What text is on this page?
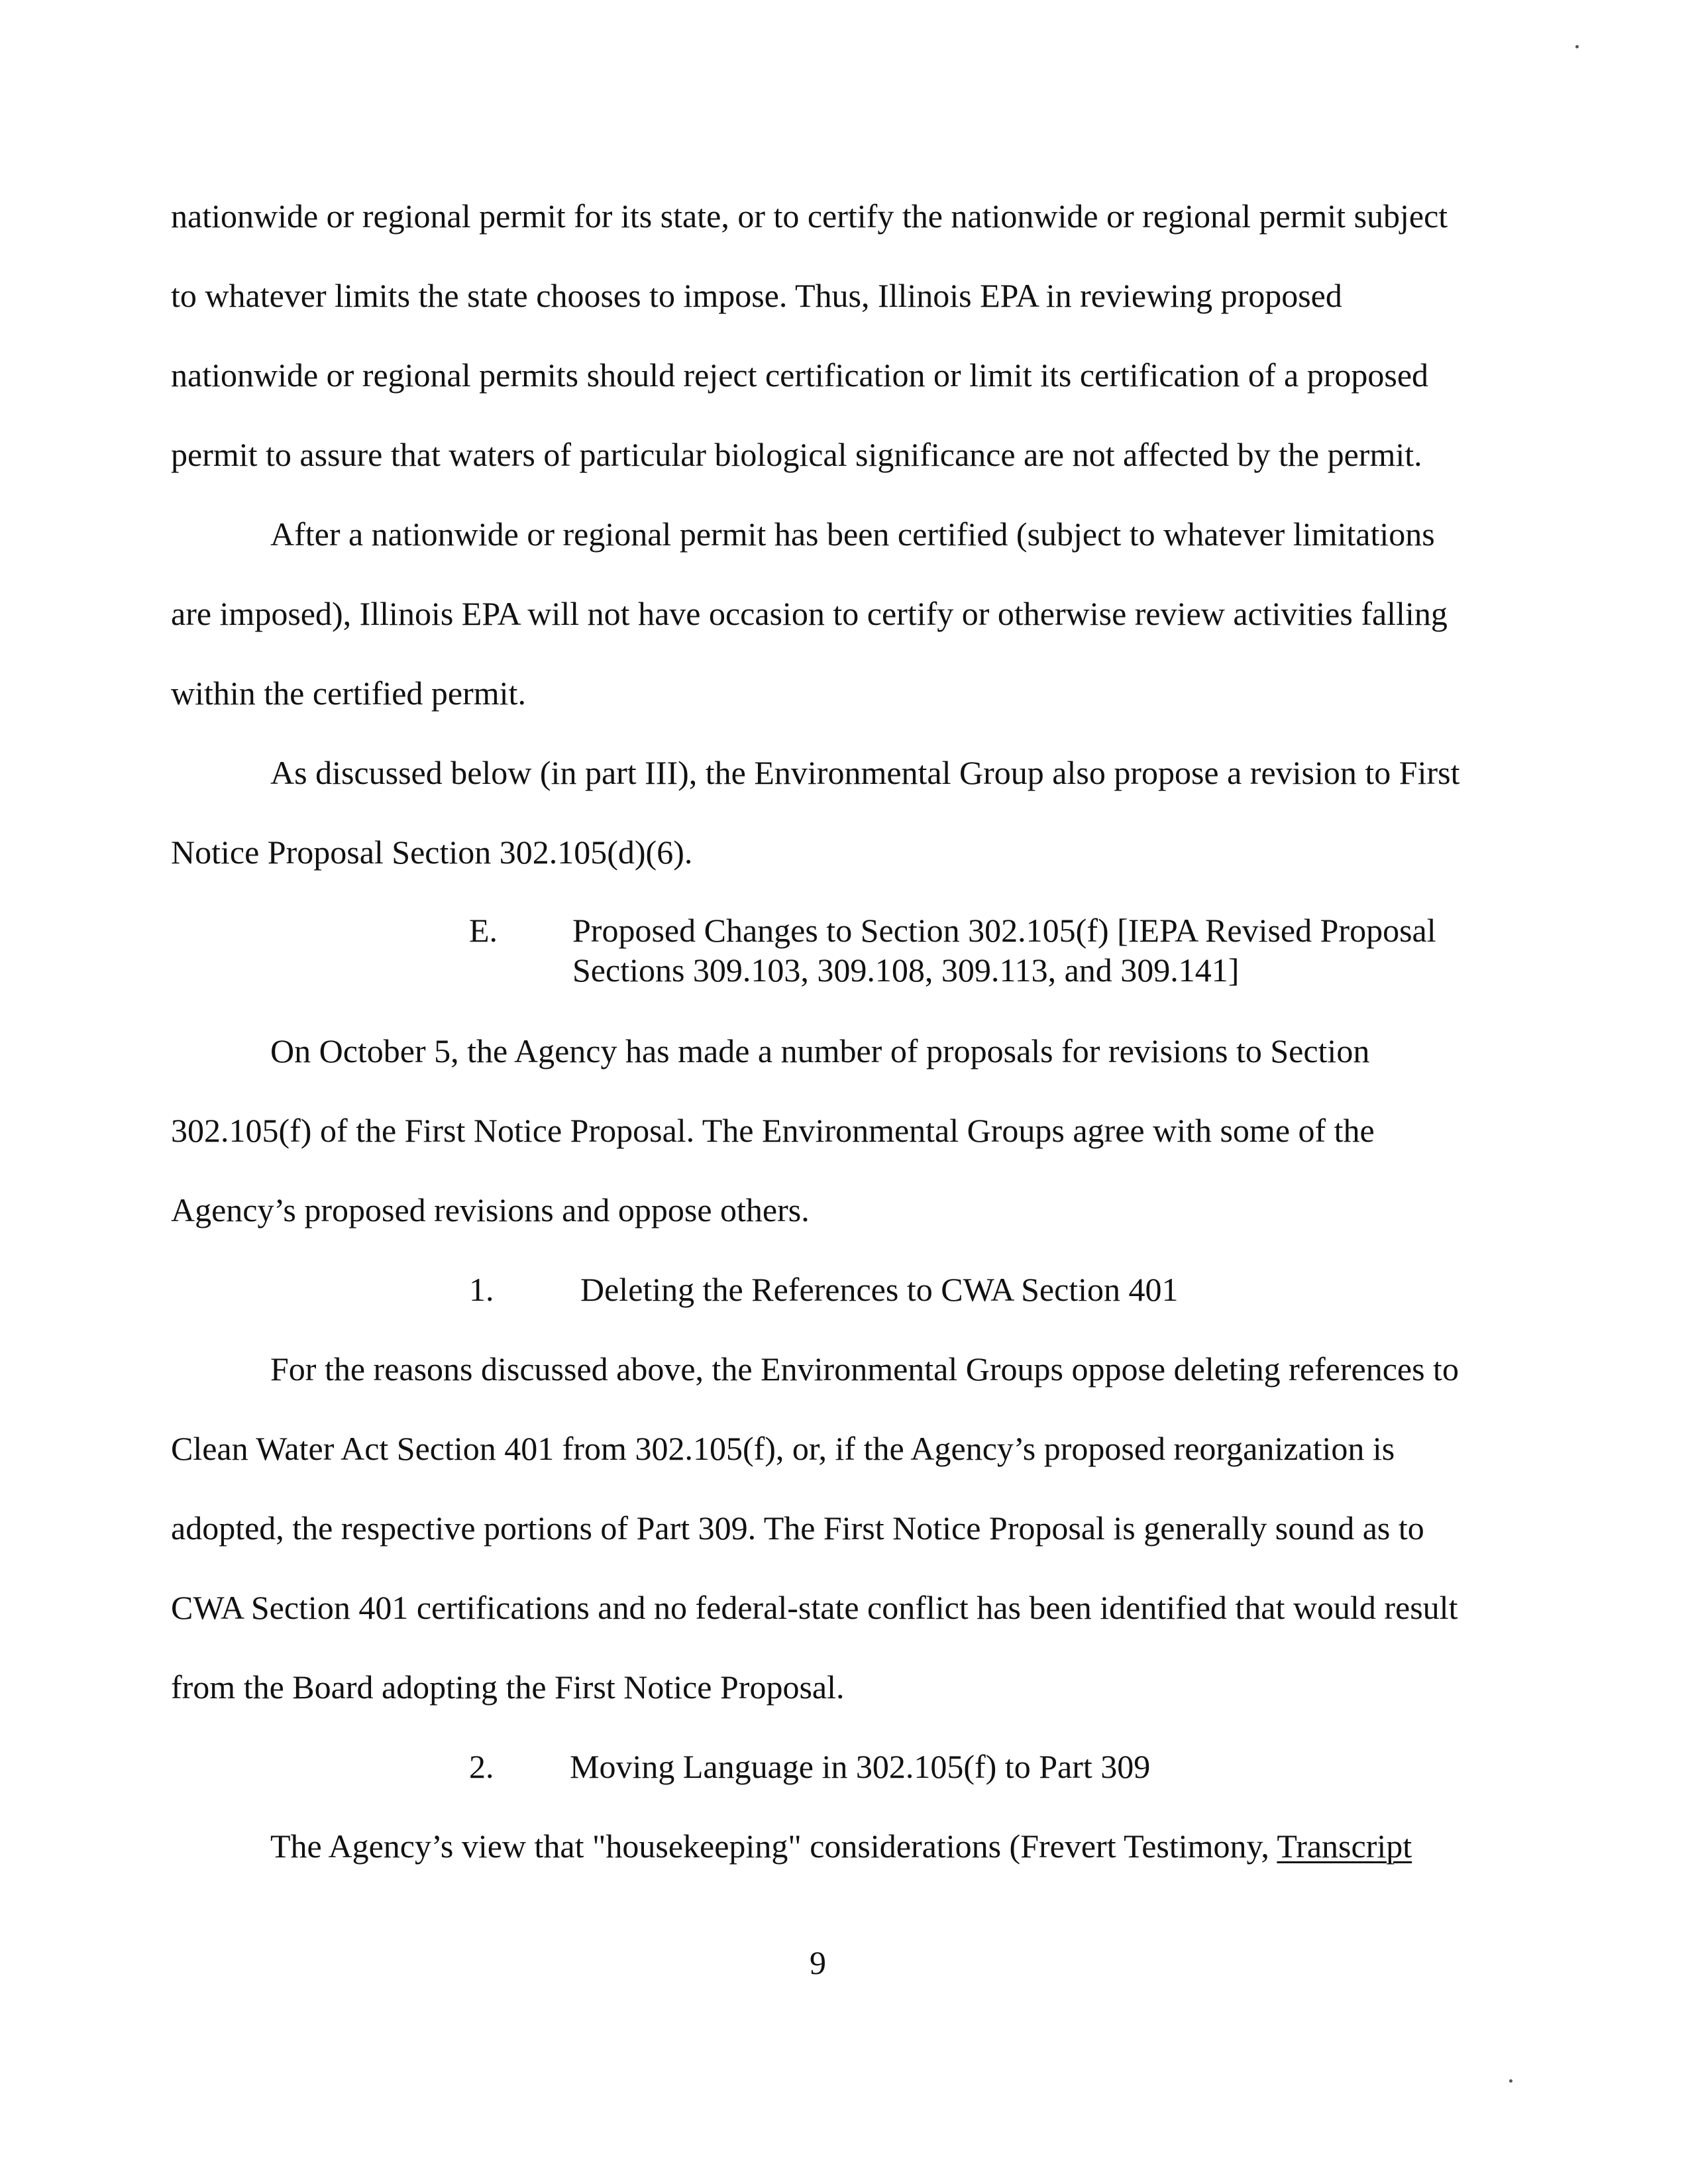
nationwide or regional permit for its state, or to certify the nationwide or regional permit subject
to whatever limits the state chooses to impose. Thus, Illinois EPA in reviewing proposed
nationwide or regional permits should reject certification or limit its certification of a proposed
permit to assure that waters of particular biological significance are not affected by the permit.
After a nationwide or regional permit has been certified (subject to whatever limitations
are imposed), Illinois EPA will not have occasion to certify or otherwise review activities falling
within the certified permit.
As discussed below (in part III), the Environmental Group also propose a revision to First
Notice Proposal Section 302.105(d)(6).
E. Proposed Changes to Section 302.105(f) [IEPA Revised Proposal
Sections 309.103, 309.108, 309.113, and 309.141]
On October 5, the Agency has made a number of proposals for revisions to Section
302.105(f) of the First Notice Proposal. The Environmental Groups agree with some of the
Agency’s proposed revisions and oppose others.
1.	Deleting the References to CWA Section 401
For the reasons discussed above, the Environmental Groups oppose deleting references to
Clean Water Act Section 401 from 302.105(f), or, if the Agency’s proposed reorganization is
adopted, the respective portions of Part 309. The First Notice Proposal is generally sound as to
CWA Section 401 certifications and no federal-state conflict has been identified that would result
from the Board adopting the First Notice Proposal.
2. Moving Language in 302.105(f) to Part 309
The Agency’s view that "housekeeping" considerations (Frevert Testimony, Transcript
9
